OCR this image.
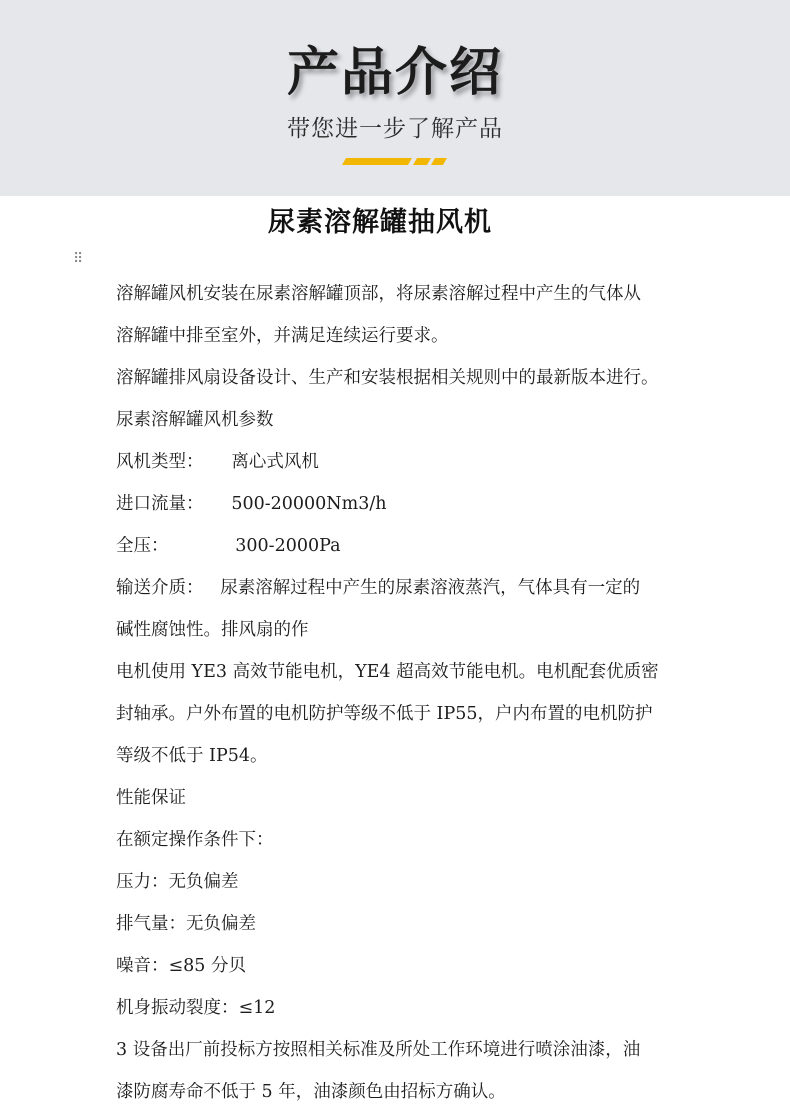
产品介绍
带您进一步了解产品
尿素溶解罐抽风机
⠿
溶解罐风机安装在尿素溶解罐顶部，将尿素溶解过程中产生的气体从
溶解罐中排至室外，并满足连续运行要求。
溶解罐排风扇设备设计、生产和安装根据相关规则中的最新版本进行。
尿素溶解罐风机参数
风机类型：     离心式风机
进口流量：     500-20000Nm3/h
全压：            300-2000Pa
输送介质：   尿素溶解过程中产生的尿素溶液蒸汽，气体具有一定的
碱性腐蚀性。排风扇的作
电机使用 YE3 高效节能电机，YE4 超高效节能电机。电机配套优质密
封轴承。户外布置的电机防护等级不低于 IP55，户内布置的电机防护
等级不低于 IP54。
性能保证
在额定操作条件下：
压力：无负偏差
排气量：无负偏差
噪音：≤85 分贝
机身振动裂度：≤12
3 设备出厂前投标方按照相关标准及所处工作环境进行喷涂油漆，油
漆防腐寿命不低于 5 年，油漆颜色由招标方确认。
